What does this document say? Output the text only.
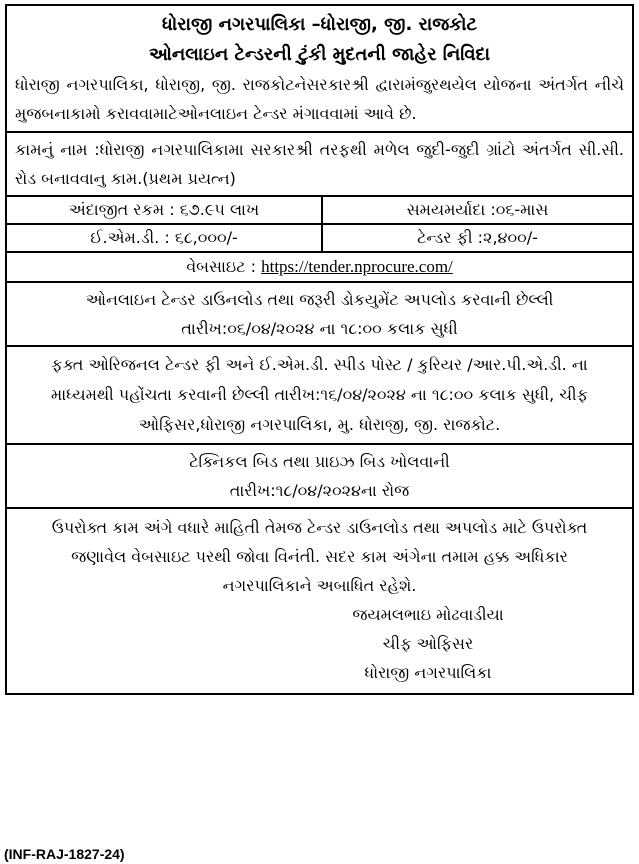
ધોરાજી નગરપાલિકા –ધોરાજી, જી. રાજકોટ
ઓનલાઇન ટેન્ડરની ટુંકી મુદતની જાહેર નિવિદા
ધોરાજી નગરપાલિકા, ધોરાજી, જી. રાજકોટનેસરકારશ્રી દ્વારામંજુરથયેલ યોજના અંતર્ગત નીચે મુજબનાકામો કરાવવામાટેઓનલાઇન ટેન્ડર મંગાવવામાં આવે છે.
કામનું નામ :ધોરાજી નગરપાલિકામા સરકારશ્રી તરફથી મળેલ જુદી-જુદી ગ્રાંટો અંતર્ગત સી.સી. રોડ બનાવવાનુ કામ.(પ્રથમ પ્રયત્ન)
અંદાજીત રકમ : ૬૭.૯૫ લાખ	સમયમર્યાદા :૦૬-માસ
ઈ.એમ.ડી. : ૬૮,૦૦૦/-	ટેન્ડર ફી :૨,૪૦૦/-
વેબસાઇટ : https://tender.nprocure.com/
ઓનલાઇન ટેન્ડર ડાઉનલોડ તથા જરૂરી ડોકયુમેંટ અપલોડ કરવાની છેલ્લી તારીખ:૦૬/૦૪/૨૦૨૪ ના ૧૮:૦૦ કલાક સુધી
ફક્ત ઓરિજનલ ટેન્ડર ફી અને ઈ.એમ.ડી. સ્પીડ પોસ્ટ / કુરિયર /આર.પી.એ.ડી. ના માધ્યમથી પહોંચતા કરવાની છેલ્લી તારીખ:૧૬/૦૪/૨૦૨૪ ના ૧૮:૦૦ કલાક સુધી, ચીફ ઓફિસર,ધોરાજી નગરપાલિકા, મુ. ધોરાજી, જી. રાજકોટ.
ટેક્નિકલ બિડ તથા પ્રાઇઝ બિડ ખોલવાની તારીખ:૧૮/૦૪/૨૦૨૪ના રોજ
ઉપરોક્ત કામ અંગે વધારે માહિતી તેમજ ટેન્ડર ડાઉનલોડ તથા અપલોડ માટે ઉપરોક્ત જણાવેલ વેબસાઇટ પરથી જોવા વિનંતી. સદર કામ અંગેના તમામ હક્ક અધિકાર નગરપાલિકાને અબાધિત રહેશે.
જયમલભાઇ મોઢવાડીયા
ચીફ ઓફિસર
ધોરાજી નગરપાલિકા
(INF-RAJ-1827-24)
